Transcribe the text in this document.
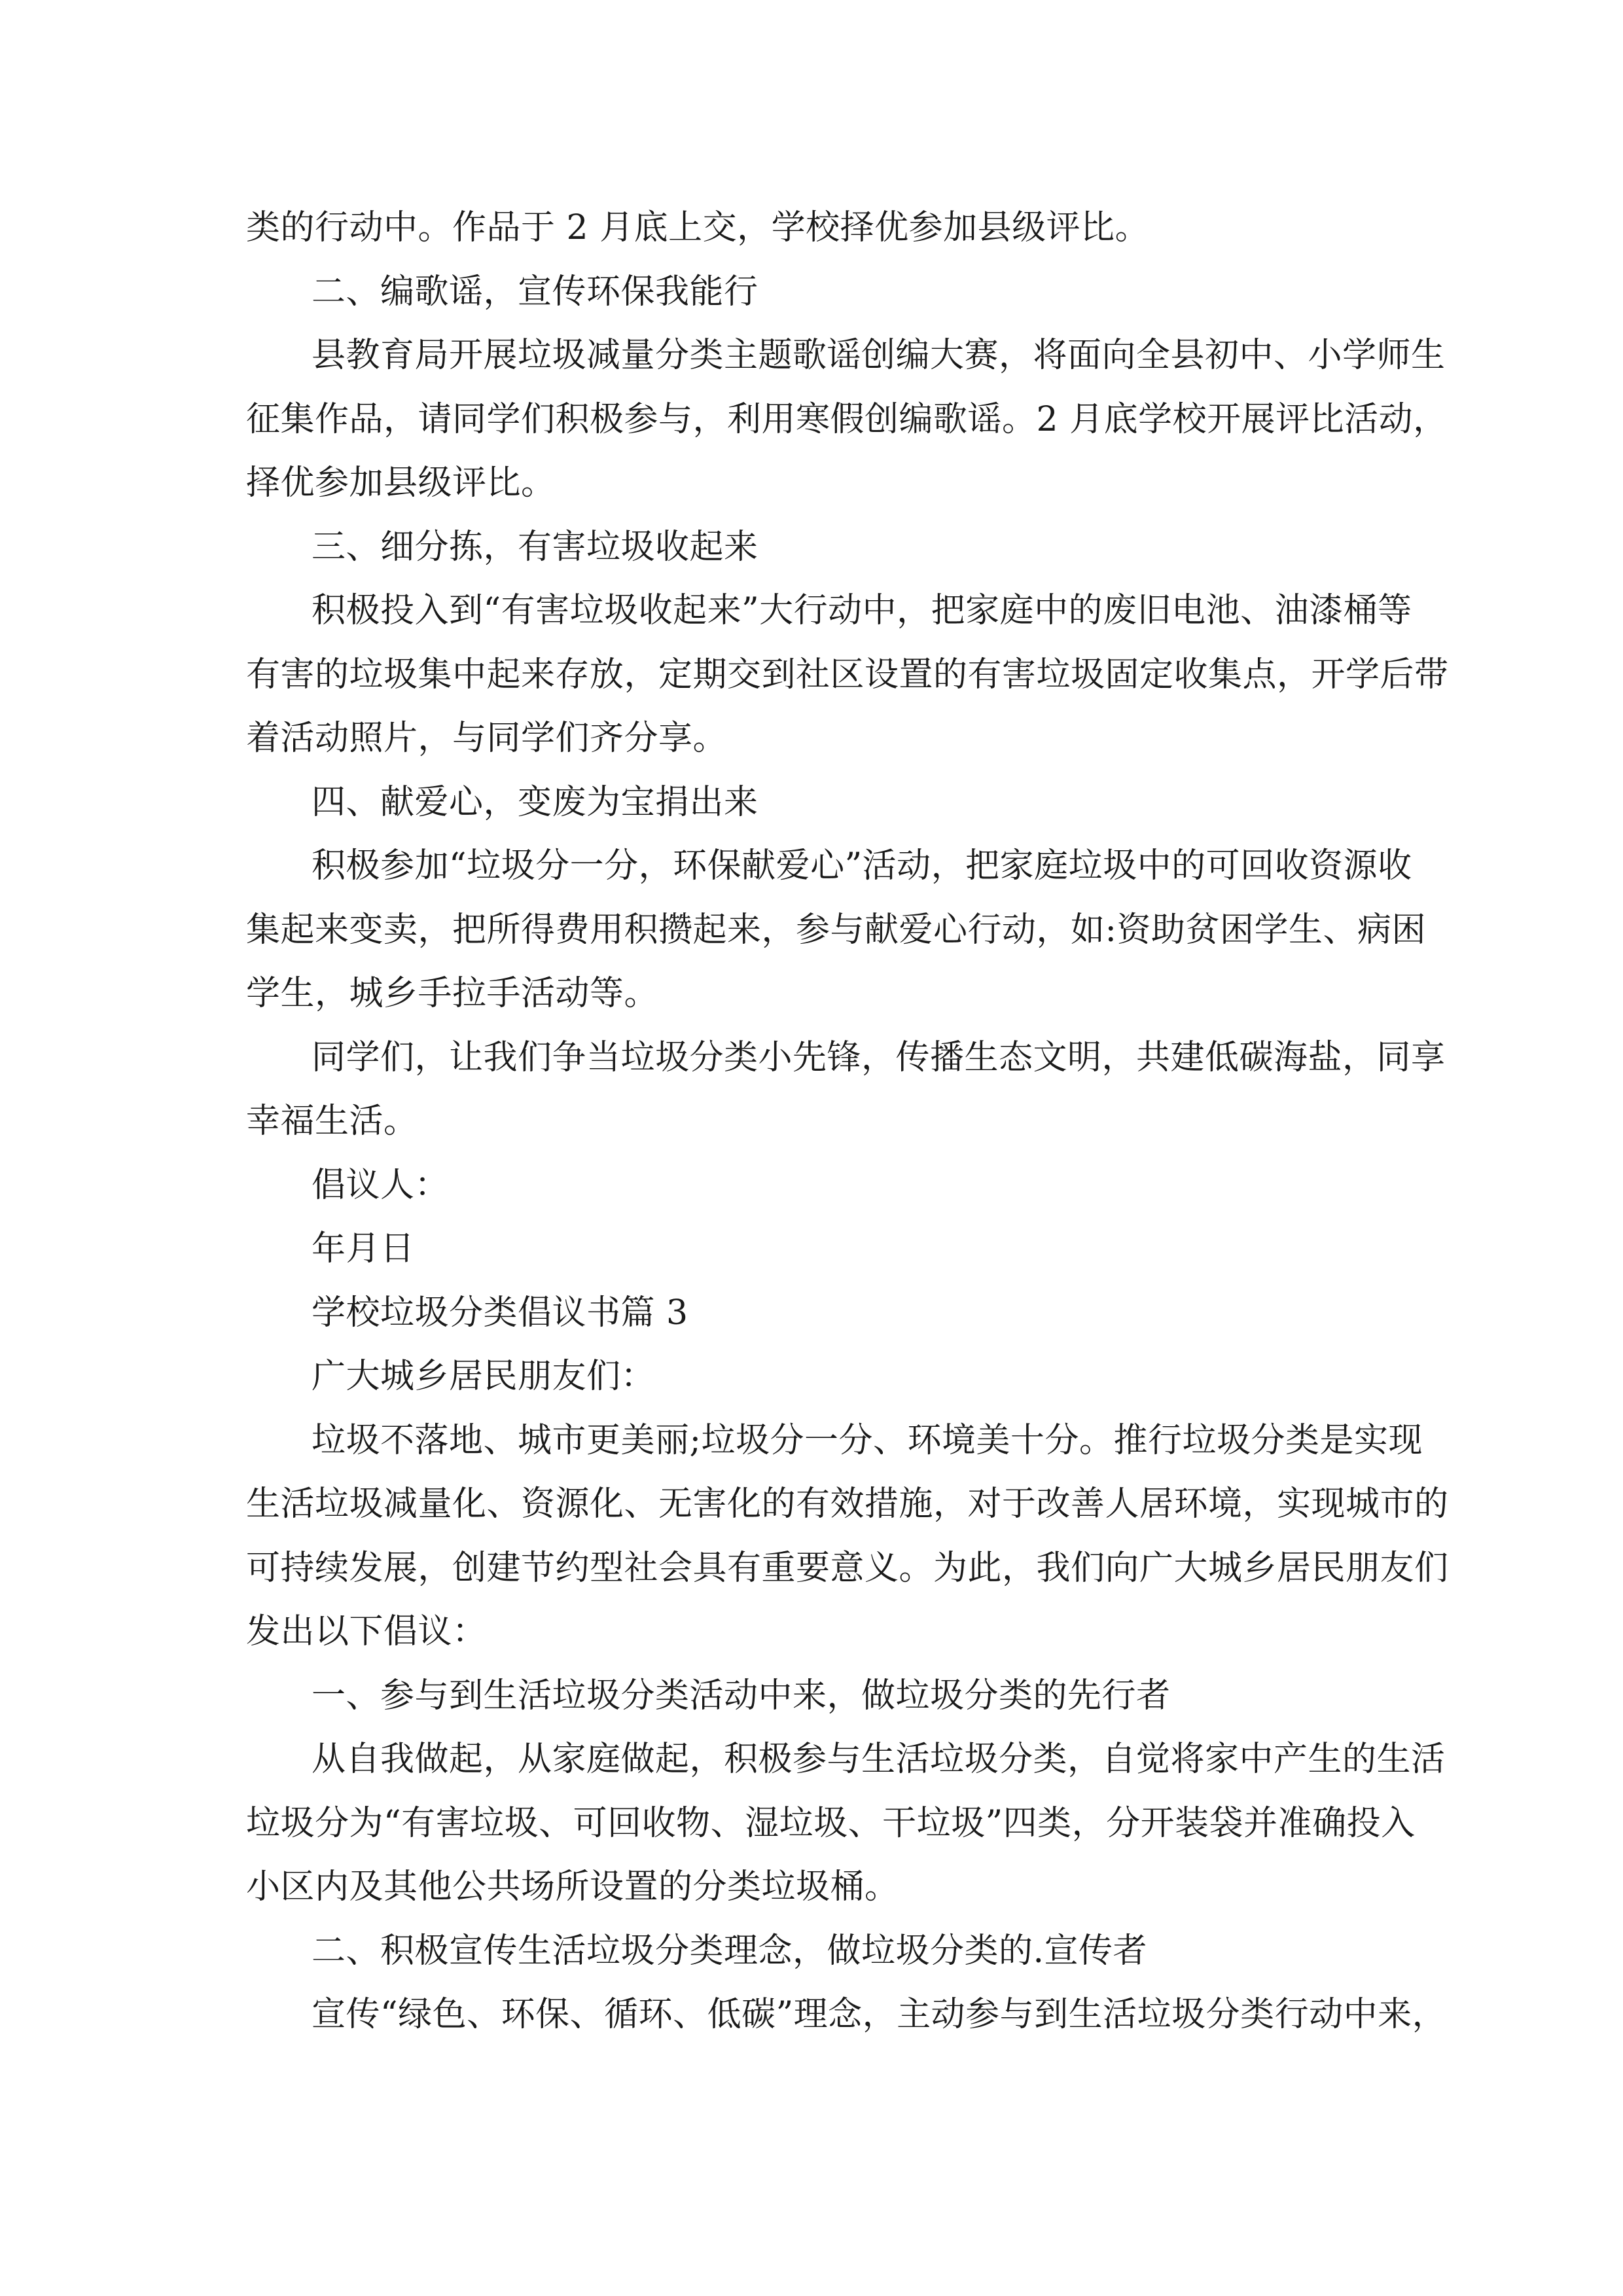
类的行动中。作品于 2 月底上交，学校择优参加县级评比。
二、编歌谣，宣传环保我能行
县教育局开展垃圾减量分类主题歌谣创编大赛，将面向全县初中、小学师生
征集作品，请同学们积极参与，利用寒假创编歌谣。2 月底学校开展评比活动，
择优参加县级评比。
三、细分拣，有害垃圾收起来
积极投入到“有害垃圾收起来”大行动中，把家庭中的废旧电池、油漆桶等
有害的垃圾集中起来存放，定期交到社区设置的有害垃圾固定收集点，开学后带
着活动照片，与同学们齐分享。
四、献爱心，变废为宝捐出来
积极参加“垃圾分一分，环保献爱心”活动，把家庭垃圾中的可回收资源收
集起来变卖，把所得费用积攒起来，参与献爱心行动，如:资助贫困学生、病困
学生，城乡手拉手活动等。
同学们，让我们争当垃圾分类小先锋，传播生态文明，共建低碳海盐，同享
幸福生活。
倡议人：
年月日
学校垃圾分类倡议书篇 3
广大城乡居民朋友们：
垃圾不落地、城市更美丽;垃圾分一分、环境美十分。推行垃圾分类是实现
生活垃圾减量化、资源化、无害化的有效措施，对于改善人居环境，实现城市的
可持续发展，创建节约型社会具有重要意义。为此，我们向广大城乡居民朋友们
发出以下倡议：
一、参与到生活垃圾分类活动中来，做垃圾分类的先行者
从自我做起，从家庭做起，积极参与生活垃圾分类，自觉将家中产生的生活
垃圾分为“有害垃圾、可回收物、湿垃圾、干垃圾”四类，分开装袋并准确投入
小区内及其他公共场所设置的分类垃圾桶。
二、积极宣传生活垃圾分类理念，做垃圾分类的.宣传者
宣传“绿色、环保、循环、低碳”理念，主动参与到生活垃圾分类行动中来，
